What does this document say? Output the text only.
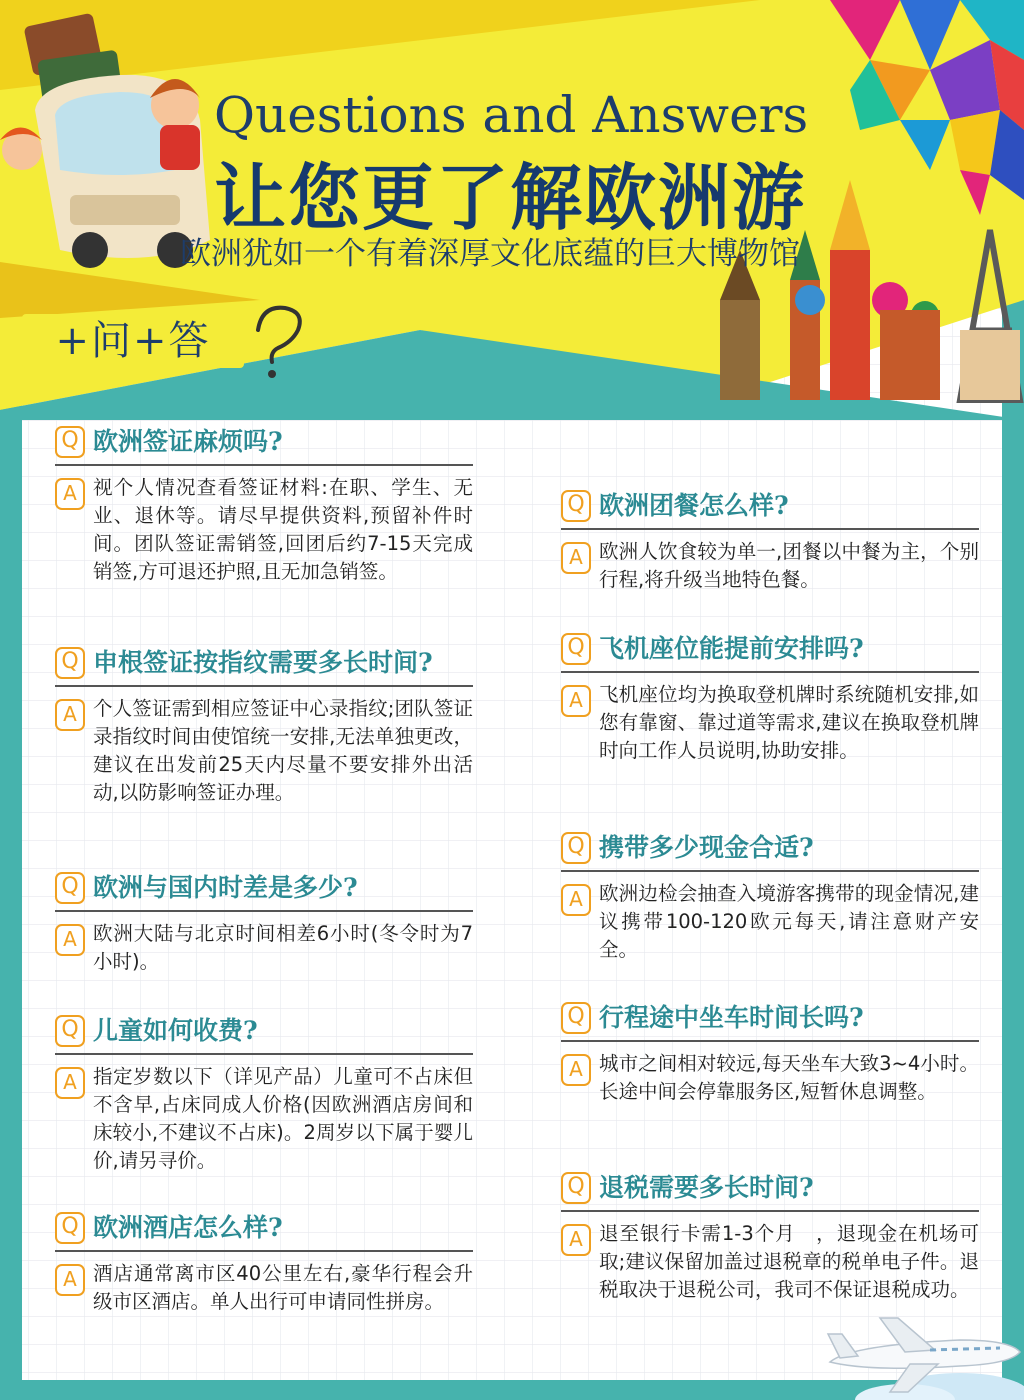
Questions and Answers
让您更了解欧洲游
欧洲犹如一个有着深厚文化底蕴的巨大博物馆
+问+答
Q 欧洲签证麻烦吗?
A 视个人情况查看签证材料:在职、学生、无业、退休等。请尽早提供资料,预留补件时间。团队签证需销签,回团后约7-15天完成销签,方可退还护照,且无加急销签。
Q 申根签证按指纹需要多长时间?
A 个人签证需到相应签证中心录指纹;团队签证录指纹时间由使馆统一安排,无法单独更改，建议在出发前25天内尽量不要安排外出活动,以防影响签证办理。
Q 欧洲与国内时差是多少?
A 欧洲大陆与北京时间相差6小时(冬令时为7小时)。
Q 儿童如何收费?
A 指定岁数以下（详见产品）儿童可不占床但不含早,占床同成人价格(因欧洲酒店房间和床较小,不建议不占床)。2周岁以下属于婴儿价,请另寻价。
Q 欧洲酒店怎么样?
A 酒店通常离市区40公里左右,豪华行程会升级市区酒店。单人出行可申请同性拼房。
Q 欧洲团餐怎么样?
A 欧洲人饮食较为单一,团餐以中餐为主，个别行程,将升级当地特色餐。
Q 飞机座位能提前安排吗?
A 飞机座位均为换取登机牌时系统随机安排,如您有靠窗、靠过道等需求,建议在换取登机牌时向工作人员说明,协助安排。
Q 携带多少现金合适?
A 欧洲边检会抽查入境游客携带的现金情况,建议携带100-120欧元每天,请注意财产安全。
Q 行程途中坐车时间长吗?
A 城市之间相对较远,每天坐车大致3~4小时。长途中间会停靠服务区,短暂休息调整。
Q 退税需要多长时间?
A 退至银行卡需1-3个月　，退现金在机场可取;建议保留加盖过退税章的税单电子件。退税取决于退税公司，我司不保证退税成功。
